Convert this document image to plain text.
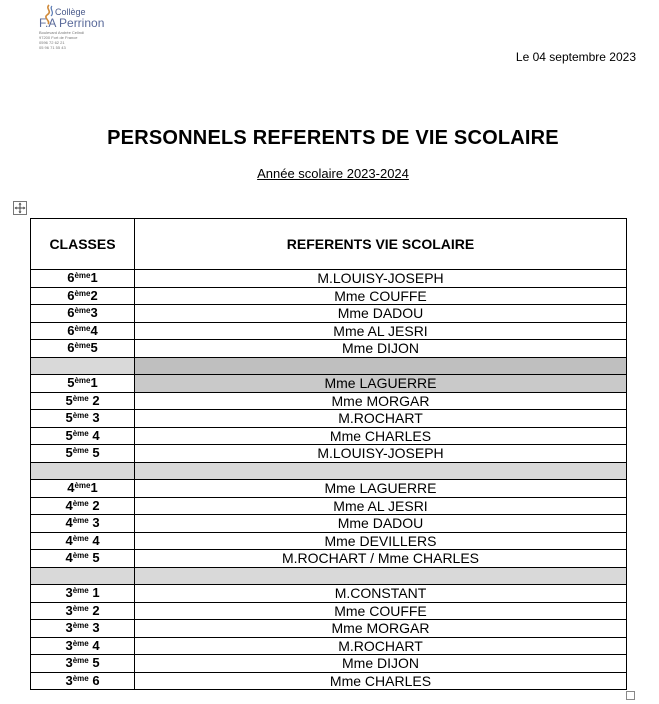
Collège
F.A Perrinon
Boulevard Andrée Celindi
97200 Fort de France
0596 72 62 21
05 96 71 55 43
Le 04 septembre 2023
PERSONNELS REFERENTS DE VIE SCOLAIRE
Année scolaire 2023-2024
CLASSES	REFERENTS VIE SCOLAIRE
6ème1	M.LOUISY-JOSEPH
6ème2	Mme COUFFE
6ème3	Mme DADOU
6ème4	Mme AL JESRI
6ème5	Mme DIJON

5ème1	Mme LAGUERRE
5ème 2	Mme MORGAR
5ème 3	M.ROCHART
5ème 4	Mme CHARLES
5ème 5	M.LOUISY-JOSEPH

4ème1	Mme LAGUERRE
4ème 2	Mme AL JESRI
4ème 3	Mme DADOU
4ème 4	Mme DEVILLERS
4ème 5	M.ROCHART / Mme CHARLES

3ème 1	M.CONSTANT
3ème 2	Mme COUFFE
3ème 3	Mme MORGAR
3ème 4	M.ROCHART
3ème 5	Mme DIJON
3ème 6	Mme CHARLES
